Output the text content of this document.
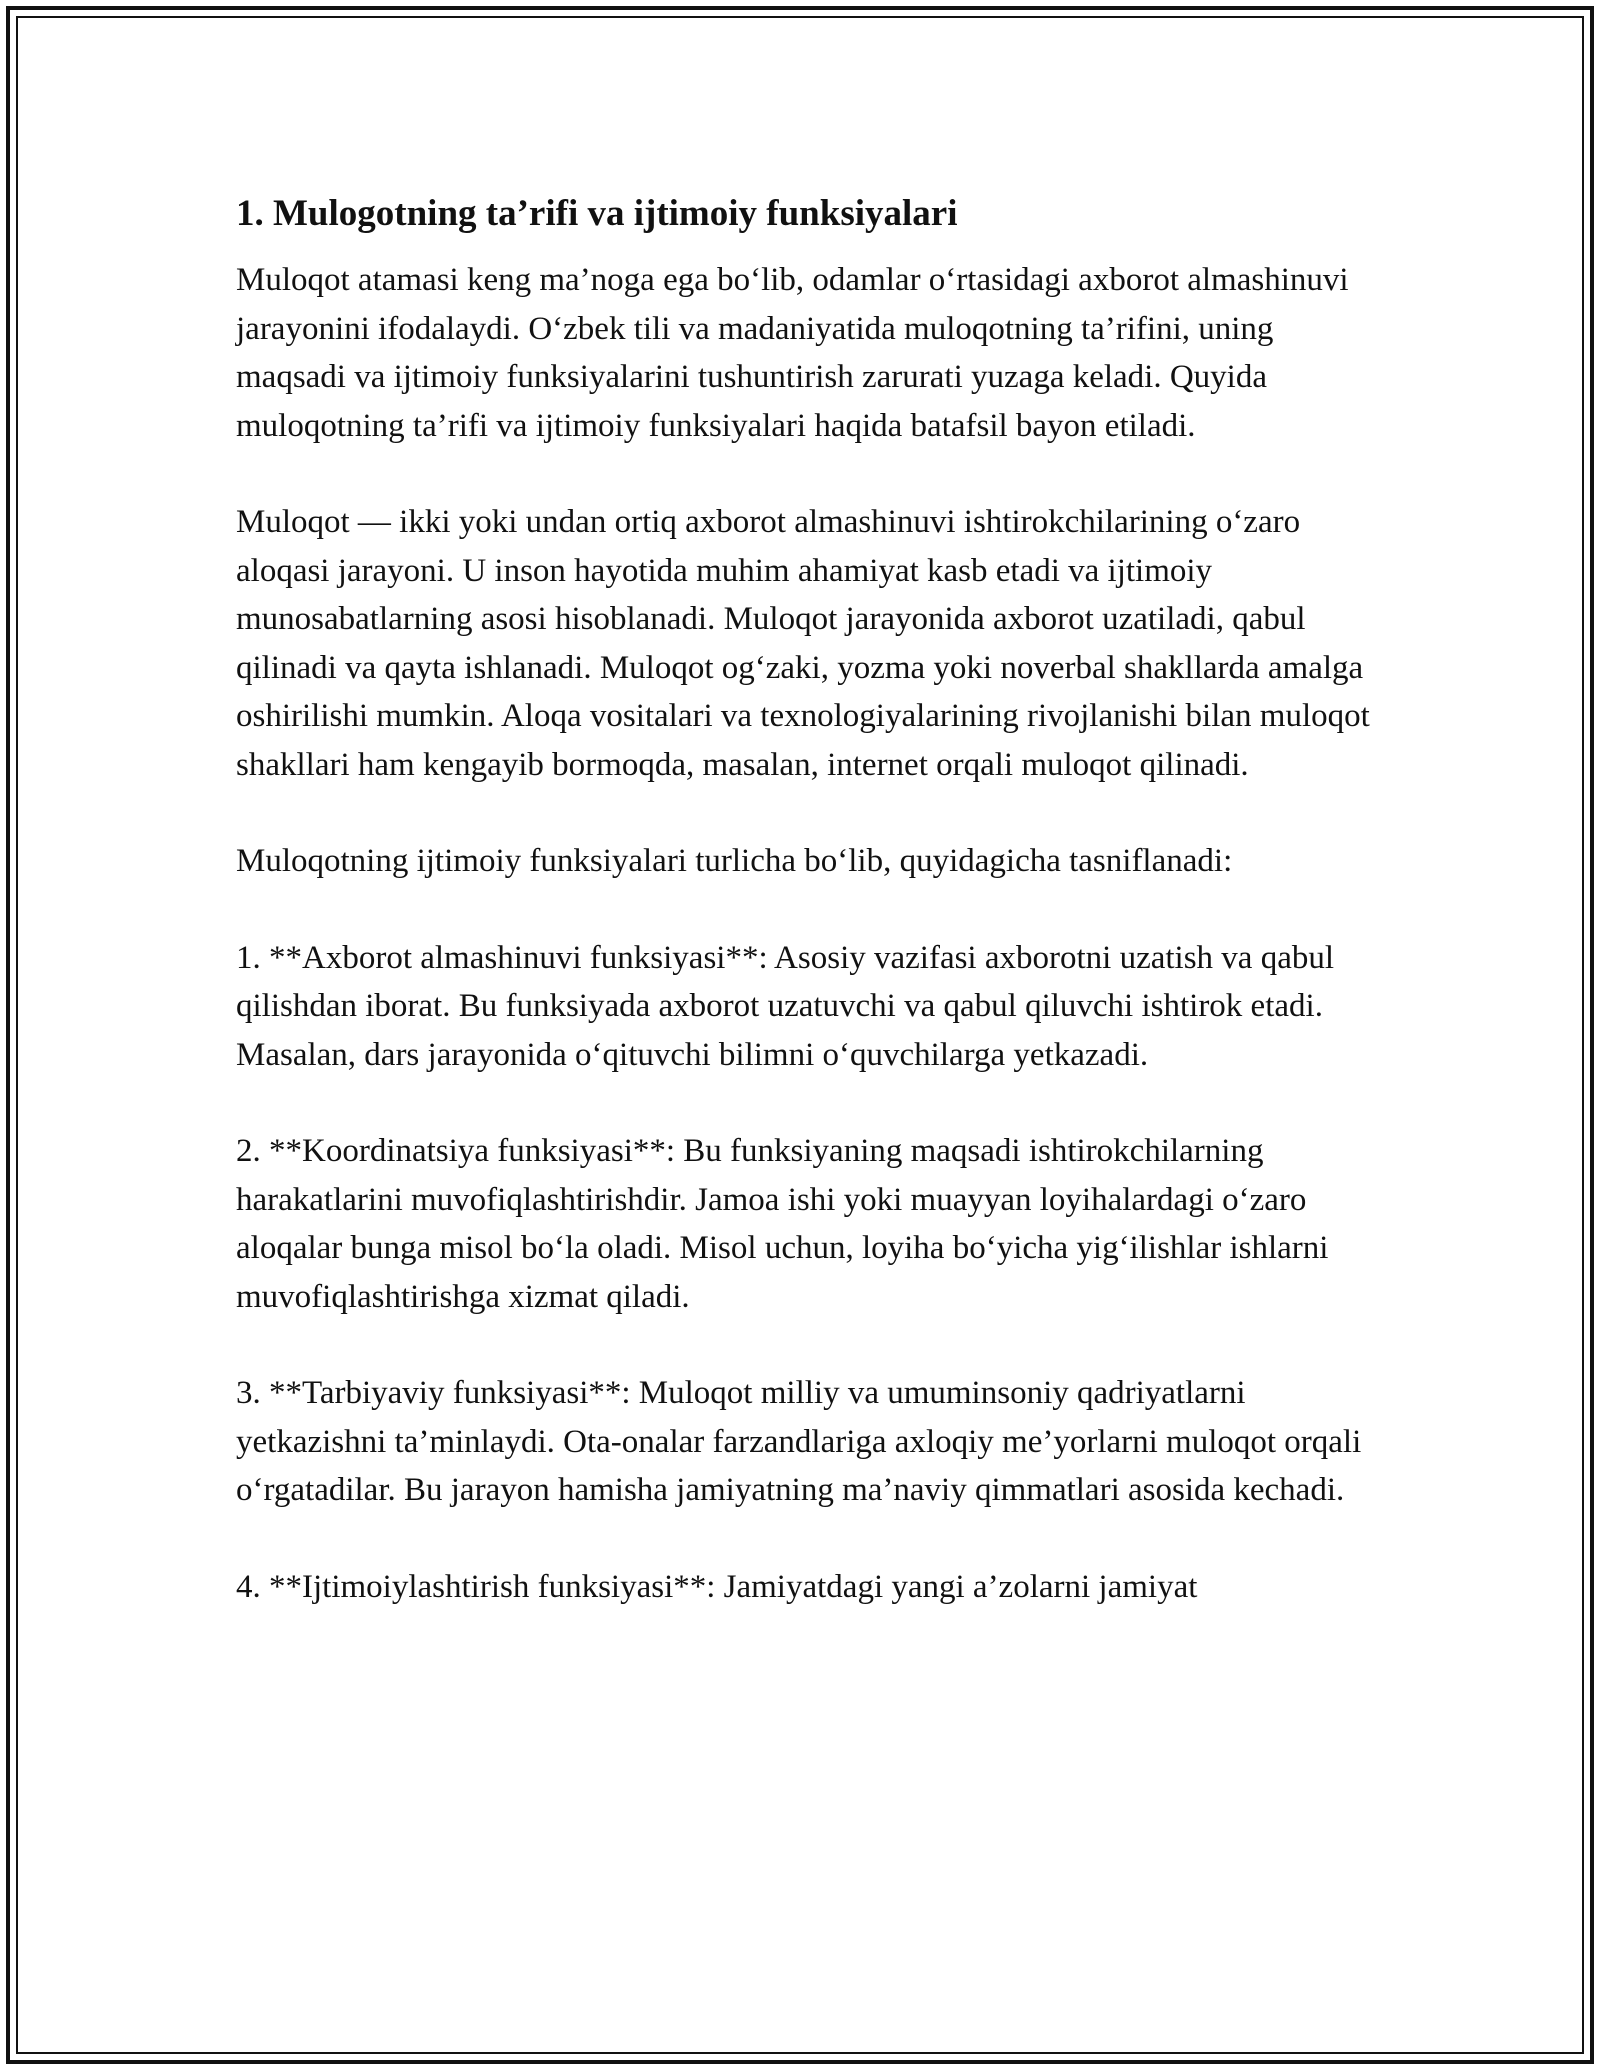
1. Mulogotning ta’rifi va ijtimoiy funksiyalari

Muloqot atamasi keng ma’noga ega bo‘lib, odamlar o‘rtasidagi axborot almashinuvi jarayonini ifodalaydi. O‘zbek tili va madaniyatida muloqotning ta’rifini, uning maqsadi va ijtimoiy funksiyalarini tushuntirish zarurati yuzaga keladi. Quyida muloqotning ta’rifi va ijtimoiy funksiyalari haqida batafsil bayon etiladi.

Muloqot — ikki yoki undan ortiq axborot almashinuvi ishtirokchilarining o‘zaro aloqasi jarayoni. U inson hayotida muhim ahamiyat kasb etadi va ijtimoiy munosabatlarning asosi hisoblanadi. Muloqot jarayonida axborot uzatiladi, qabul qilinadi va qayta ishlanadi. Muloqot og‘zaki, yozma yoki noverbal shakllarda amalga oshirilishi mumkin. Aloqa vositalari va texnologiyalarining rivojlanishi bilan muloqot shakllari ham kengayib bormoqda, masalan, internet orqali muloqot qilinadi.

Muloqotning ijtimoiy funksiyalari turlicha bo‘lib, quyidagicha tasniflanadi:

1. **Axborot almashinuvi funksiyasi**: Asosiy vazifasi axborotni uzatish va qabul qilishdan iborat. Bu funksiyada axborot uzatuvchi va qabul qiluvchi ishtirok etadi. Masalan, dars jarayonida o‘qituvchi bilimni o‘quvchilarga yetkazadi.

2. **Koordinatsiya funksiyasi**: Bu funksiyaning maqsadi ishtirokchilarning harakatlarini muvofiqlashtirishdir. Jamoa ishi yoki muayyan loyihalardagi o‘zaro aloqalar bunga misol bo‘la oladi. Misol uchun, loyiha bo‘yicha yig‘ilishlar ishlarni muvofiqlashtirishga xizmat qiladi.

3. **Tarbiyaviy funksiyasi**: Muloqot milliy va umuminsoniy qadriyatlarni yetkazishni ta’minlaydi. Ota-onalar farzandlariga axloqiy me’yorlarni muloqot orqali o‘rgatadilar. Bu jarayon hamisha jamiyatning ma’naviy qimmatlari asosida kechadi.

4. **Ijtimoiylashtirish funksiyasi**: Jamiyatdagi yangi a’zolarni jamiyat
